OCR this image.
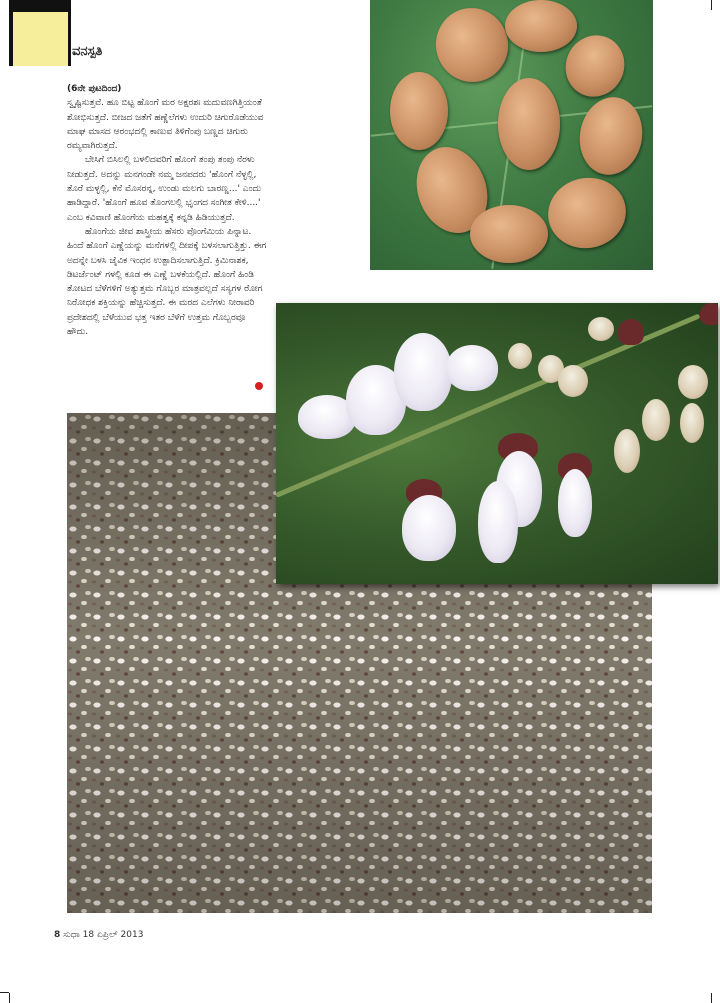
ವನಸ್ಪತಿ

(6ನೇ ಪುಟದಿಂದ)

ಸ್ವೃಷ್ಟಿಸುತ್ತವೆ. ಹೂ ಬಿಟ್ಟ ಹೊಂಗೆ ಮರ ಅಕ್ಷರಶಃ ಮದುವಣಗಿತ್ತಿಯಂತೆ ಶೋಭಿಸುತ್ತದೆ. ಬೀಜದ ಜತೆಗೆ ಹಣ್ಣೆಲೆಗಳು ಉದುರಿ ಚಿಗುರೊಡೆಯುವ ಮಾಘ ಮಾಸದ ಆರಂಭದಲ್ಲಿ ಕಾಣುವ ತಿಳಿಗೆಂಪು ಬಣ್ಣದ ಚಿಗುರು ರಮ್ಯವಾಗಿರುತ್ತದೆ.

ಬೇಸಿಗೆ ಬಿಸಿಲಲ್ಲಿ ಬಳಲಿದವರಿಗೆ ಹೊಂಗೆ ತಂಪು ತಂಪು ನೆರಳು ನೀಡುತ್ತದೆ. ಅದನ್ನು ಮನಗಂಡೇ ನಮ್ಮ ಜನಪದರು 'ಹೊಂಗೆ ನೆಳ್ಳಲ್ಲಿ, ತೊರೆ ಮಳ್ಳಲ್ಲಿ, ಕೆನೆ ಮೊಸರನ್ನ, ಉಂಡು ಮಲಗು ಬಾರಣ್ಣ...' ಎಂದು ಹಾಡಿದ್ದಾರೆ. 'ಹೊಂಗೆ ಹೂವ ತೊಂಗಲಲ್ಲಿ ಭೃಂಗದ ಸಂಗೀತ ಕೇಳಿ....' ಎಂಬ ಕವಿವಾಣಿ ಹೊಂಗೆಯ ಮಹತ್ವಕ್ಕೆ ಕನ್ನಡಿ ಹಿಡಿಯುತ್ತದೆ.

ಹೊಂಗೆಯ ಜೀವ ಶಾಸ್ತ್ರೀಯ ಹೆಸರು ಪೊಂಗೆಮಿಯ ಪಿನ್ನಾಟ. ಹಿಂದೆ ಹೊಂಗೆ ಎಣ್ಣೆಯನ್ನು ಮನೆಗಳಲ್ಲಿ ದೀಪಕ್ಕೆ ಬಳಸಲಾಗುತ್ತಿತ್ತು. ಈಗ ಅದನ್ನೇ ಬಳಸಿ ಜೈವಿಕ ಇಂಧನ ಉತ್ಪಾದಿಸಲಾಗುತ್ತಿದೆ. ಕ್ರಿಮಿನಾಶಕ, ಡಿಟರ್ಜೆಂಟ್ ಗಳಲ್ಲಿ ಕೂಡ ಈ ಎಣ್ಣೆ ಬಳಕೆಯಲ್ಲಿದೆ. ಹೊಂಗೆ ಹಿಂಡಿ ತೋಟದ ಬೆಳೆಗಳಿಗೆ ಅತ್ಯುತ್ತಮ ಗೊಬ್ಬರ ಮಾತ್ರವಲ್ಲದೆ ಸಸ್ಯಗಳ ರೋಗ ನಿರೋಧಕ ಶಕ್ತಿಯನ್ನು ಹೆಚ್ಚಿಸುತ್ತದೆ. ಈ ಮರದ ಎಲೆಗಳು ನೀರಾವರಿ ಪ್ರದೇಶದಲ್ಲಿ ಬೆಳೆಯುವ ಭತ್ತ ಇತರ ಬೆಳೆಗೆ ಉತ್ತಮ ಗೊಬ್ಬರವೂ ಹೌದು.

8 ಸುಧಾ 18 ಏಪ್ರಿಲ್ 2013
